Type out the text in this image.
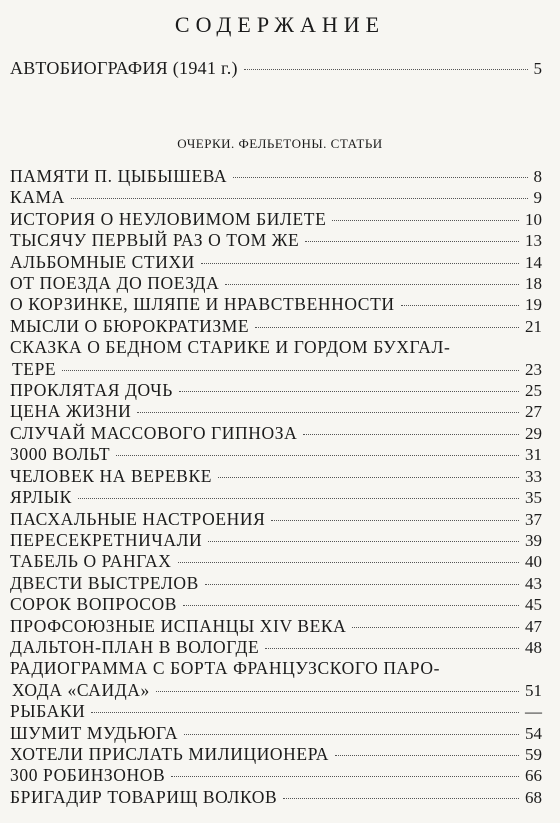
СОДЕРЖАНИЕ
АВТОБИОГРАФИЯ (1941 г.)	5
ОЧЕРКИ. ФЕЛЬЕТОНЫ. СТАТЬИ
ПАМЯТИ П. ЦЫБЫШЕВА	8
КАМА	9
ИСТОРИЯ О НЕУЛОВИМОМ БИЛЕТЕ	10
ТЫСЯЧУ ПЕРВЫЙ РАЗ О ТОМ ЖЕ	13
АЛЬБОМНЫЕ СТИХИ	14
ОТ ПОЕЗДА ДО ПОЕЗДА	18
О КОРЗИНКЕ, ШЛЯПЕ И НРАВСТВЕННОСТИ	19
МЫСЛИ О БЮРОКРАТИЗМЕ	21
СКАЗКА О БЕДНОМ СТАРИКЕ И ГОРДОМ БУХГАЛ-
ТЕРЕ	23
ПРОКЛЯТАЯ ДОЧЬ	25
ЦЕНА ЖИЗНИ	27
СЛУЧАЙ МАССОВОГО ГИПНОЗА	29
3000 ВОЛЬТ	31
ЧЕЛОВЕК НА ВЕРЕВКЕ	33
ЯРЛЫК	35
ПАСХАЛЬНЫЕ НАСТРОЕНИЯ	37
ПЕРЕСЕКРЕТНИЧАЛИ	39
ТАБЕЛЬ О РАНГАХ	40
ДВЕСТИ ВЫСТРЕЛОВ	43
СОРОК ВОПРОСОВ	45
ПРОФСОЮЗНЫЕ ИСПАНЦЫ XIV ВЕКА	47
ДАЛЬТОН-ПЛАН В ВОЛОГДЕ	48
РАДИОГРАММА С БОРТА ФРАНЦУЗСКОГО ПАРО-
ХОДА «САИДА»	51
РЫБАКИ	—
ШУМИТ МУДЬЮГА	54
ХОТЕЛИ ПРИСЛАТЬ МИЛИЦИОНЕРА	59
300 РОБИНЗОНОВ	66
БРИГАДИР ТОВАРИЩ ВОЛКОВ	68
